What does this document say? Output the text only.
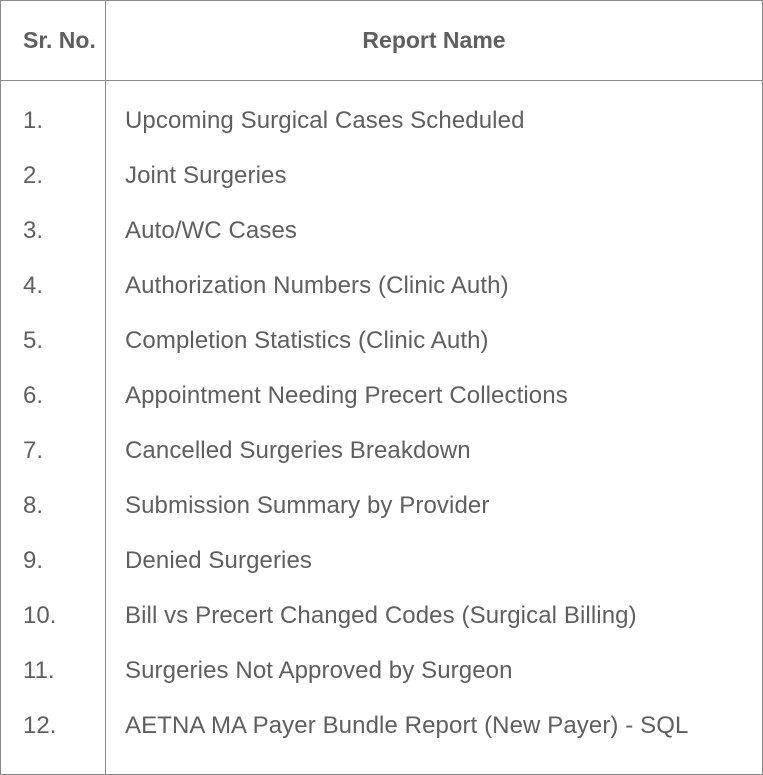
Sr. No.	Report Name
1.	Upcoming Surgical Cases Scheduled
2.	Joint Surgeries
3.	Auto/WC Cases
4.	Authorization Numbers (Clinic Auth)
5.	Completion Statistics (Clinic Auth)
6.	Appointment Needing Precert Collections
7.	Cancelled Surgeries Breakdown
8.	Submission Summary by Provider
9.	Denied Surgeries
10.	Bill vs Precert Changed Codes (Surgical Billing)
11.	Surgeries Not Approved by Surgeon
12.	AETNA MA Payer Bundle Report (New Payer) - SQL
